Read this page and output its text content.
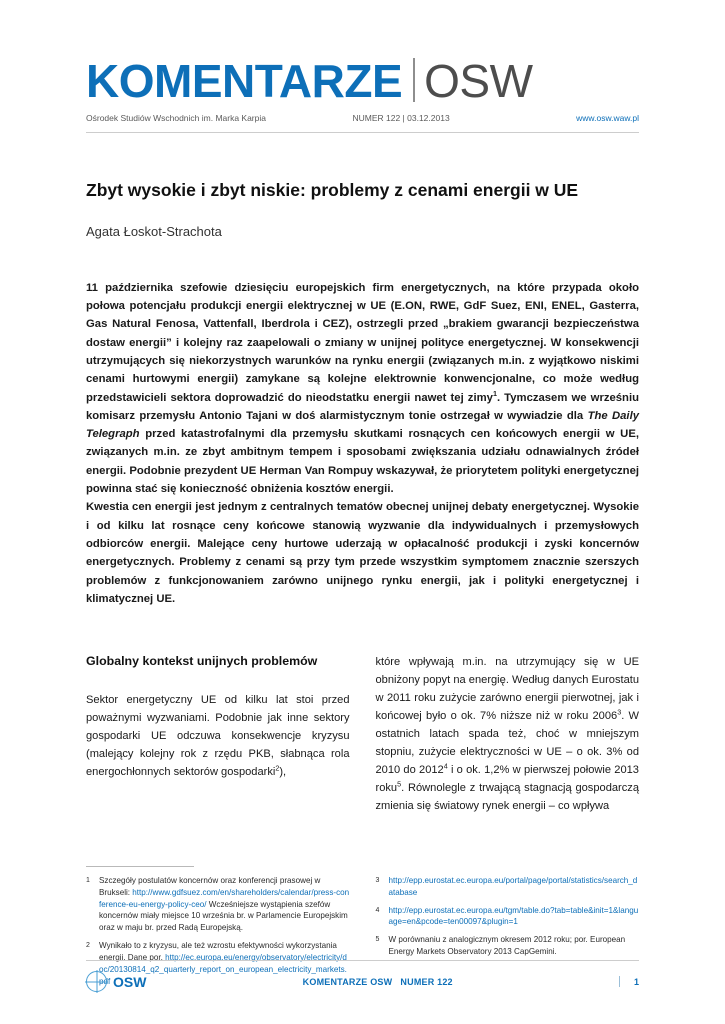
KOMENTARZE OSW
Ośrodek Studiów Wschodnich im. Marka Karpia	NUMER 122 | 03.12.2013	www.osw.waw.pl
Zbyt wysokie i zbyt niskie: problemy z cenami energii w UE
Agata Łoskot-Strachota

11 października szefowie dziesięciu europejskich firm energetycznych, na które przypada około połowa potencjału produkcji energii elektrycznej w UE (E.ON, RWE, GdF Suez, ENI, ENEL, Gasterra, Gas Natural Fenosa, Vattenfall, Iberdrola i CEZ), ostrzegli przed „brakiem gwarancji bezpieczeństwa dostaw energii” i kolejny raz zaapelowali o zmiany w unijnej polityce energetycznej. W konsekwencji utrzymujących się niekorzystnych warunków na rynku energii (związanych m.in. z wyjątkowo niskimi cenami hurtowymi energii) zamykane są kolejne elektrownie konwencjonalne, co może według przedstawicieli sektora doprowadzić do nieodstatku energii nawet tej zimy$^1$. Tymczasem we wrześniu komisarz przemysłu Antonio Tajani w doś alarmistycznym tonie ostrzegał w wywiadzie dla The Daily Telegraph przed katastrofalnymi dla przemysłu skutkami rosnących cen końcowych energii w UE, związanych m.in. ze zbyt ambitnym tempem i sposobami zwiększania udziału odnawialnych źródeł energii. Podobnie prezydent UE Herman Van Rompuy wskazywał, że priorytetem polityki energetycznej powinna stać się konieczność obniżenia kosztów energii.

Kwestia cen energii jest jednym z centralnych tematów obecnej unijnej debaty energetycznej. Wysokie i od kilku lat rosnące ceny końcowe stanowią wyzwanie dla indywidualnych i przemysłowych odbiorców energii. Malejące ceny hurtowe uderzają w opłacalność produkcji i zyski koncernów energetycznych. Problemy z cenami są przy tym przede wszystkim symptomem znacznie szerszych problemów z funkcjonowaniem zarówno unijnego rynku energii, jak i polityki energetycznej i klimatycznej UE.

Globalny kontekst unijnych problemów

Sektor energetyczny UE od kilku lat stoi przed poważnymi wyzwaniami. Podobnie jak inne sektory gospodarki UE odczuwa konsekwencje kryzysu (malejący kolejny rok z rzędu PKB, słabnąca rola energochłonnych sektorów gospodarki$^2$),

które wpływają m.in. na utrzymujący się w UE obniżony popyt na energię. Według danych Eurostatu w 2011 roku zużycie zarówno energii pierwotnej, jak i końcowej było o ok. 7% niższe niż w roku 2006$^3$. W ostatnich latach spada też, choć w mniejszym stopniu, zużycie elektryczności w UE – o ok. 3% od 2010 do 2012$^4$ i o ok. 1,2% w pierwszej połowie 2013 roku$^5$. Równolegle z trwającą stagnacją gospodarczą zmienia się światowy rynek energii – co wpływa

1	Szczegóły postulatów koncernów oraz konferencji prasowej w Brukseli: http://www.gdfsuez.com/en/shareholders/calendar/press-conference-eu-energy-policy-ceo/ Wcześniejsze wystąpienia szefów koncernów miały miejsce 10 września br. w Parlamencie Europejskim oraz w maju br. przed Radą Europejską.
2	Wynikało to z kryzysu, ale też wzrostu efektywności wykorzystania energii. Dane por. http://ec.europa.eu/energy/observatory/electricity/doc/20130814_q2_quarterly_report_on_european_electricity_markets.pdf
3	http://epp.eurostat.ec.europa.eu/portal/page/portal/statistics/search_database
4	http://epp.eurostat.ec.europa.eu/tgm/table.do?tab=table&init=1&language=en&pcode=ten00097&plugin=1
5	W porównaniu z analogicznym okresem 2012 roku; por. European Energy Markets Observatory 2013 CapGemini.
OSW	KOMENTARZE OSW NUMER 122	1
